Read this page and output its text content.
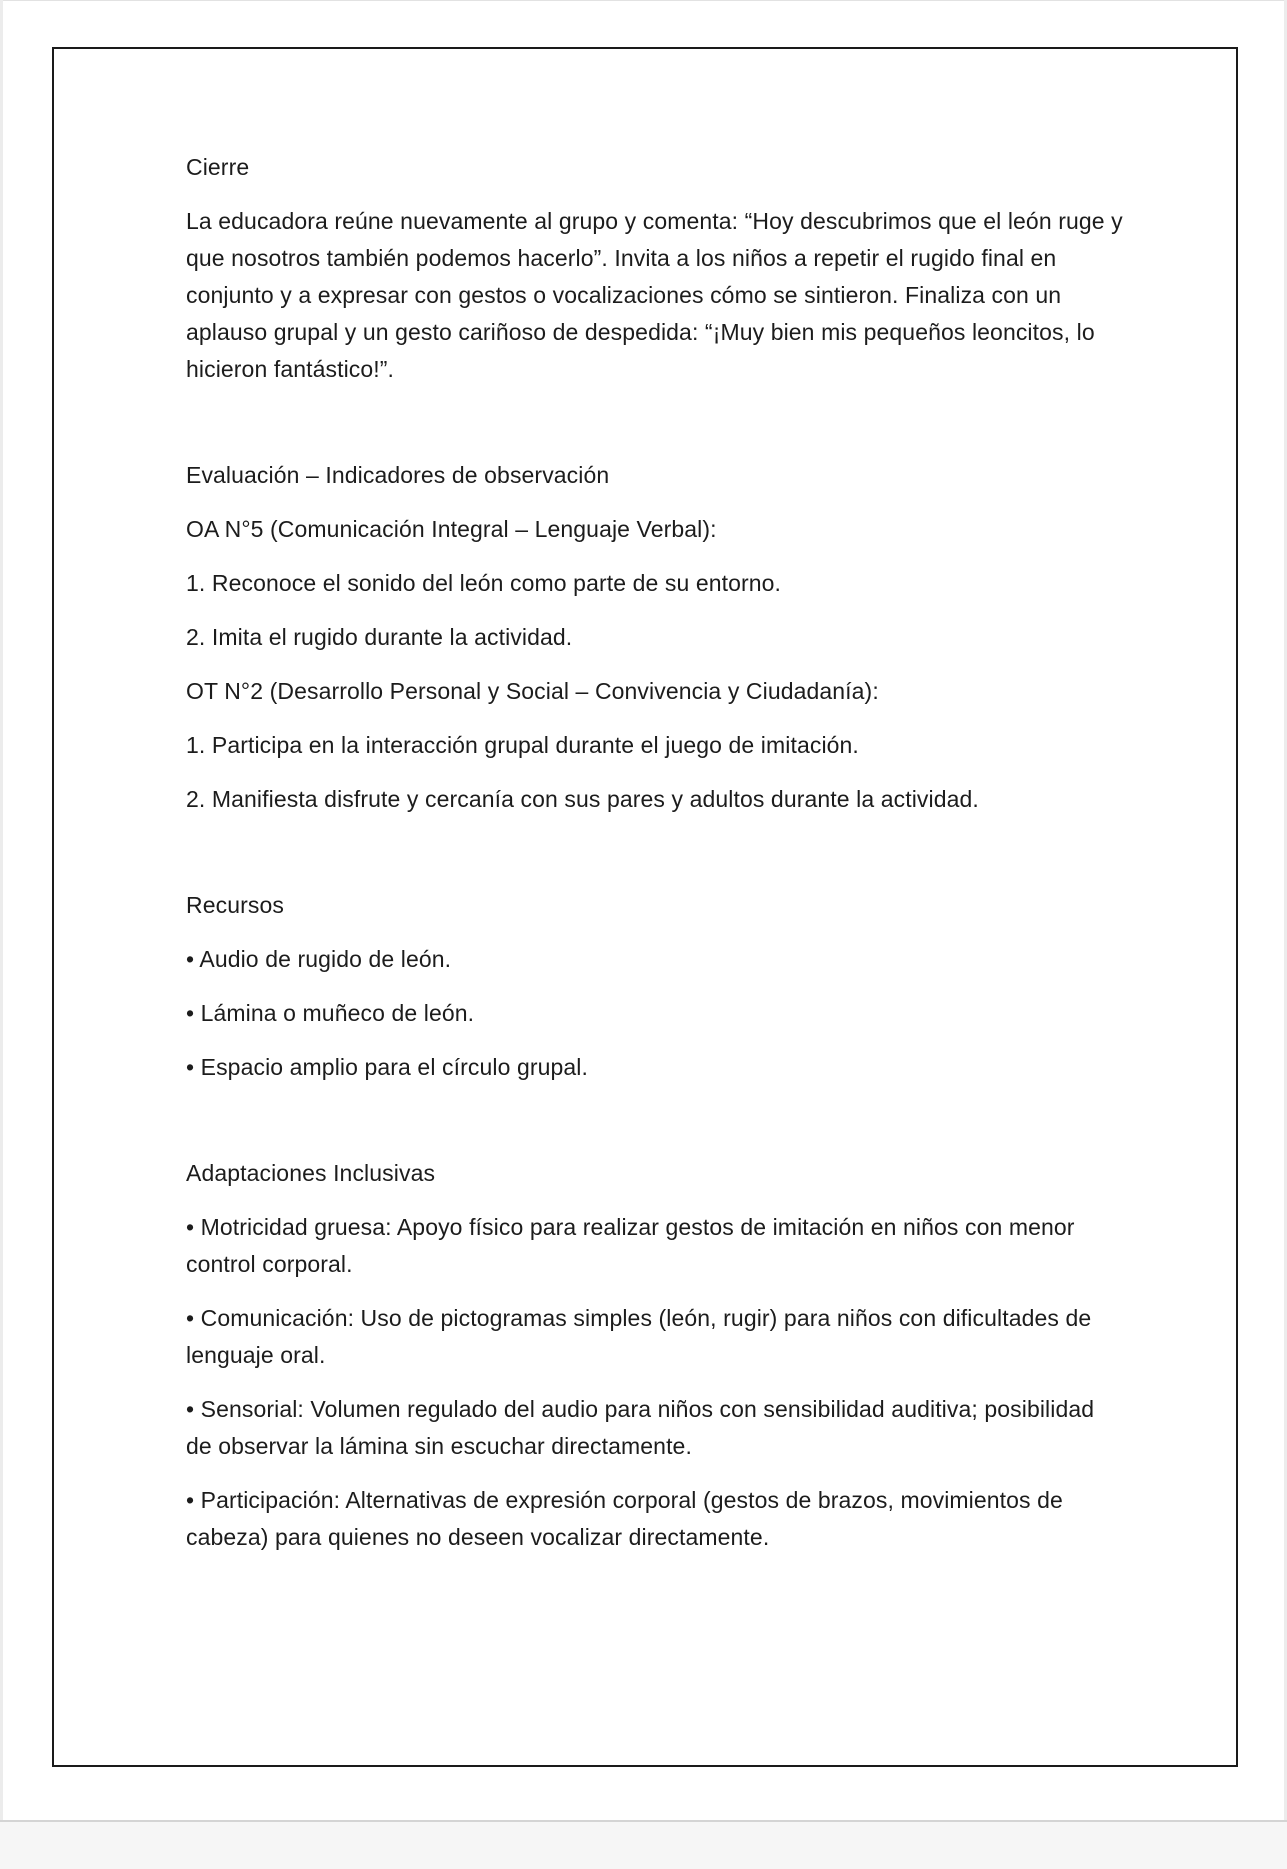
Cierre
La educadora reúne nuevamente al grupo y comenta: “Hoy descubrimos que el león ruge y que nosotros también podemos hacerlo”. Invita a los niños a repetir el rugido final en conjunto y a expresar con gestos o vocalizaciones cómo se sintieron. Finaliza con un aplauso grupal y un gesto cariñoso de despedida: “¡Muy bien mis pequeños leoncitos, lo hicieron fantástico!”.
Evaluación – Indicadores de observación
OA N°5 (Comunicación Integral – Lenguaje Verbal):
1. Reconoce el sonido del león como parte de su entorno.
2. Imita el rugido durante la actividad.
OT N°2 (Desarrollo Personal y Social – Convivencia y Ciudadanía):
1. Participa en la interacción grupal durante el juego de imitación.
2. Manifiesta disfrute y cercanía con sus pares y adultos durante la actividad.
Recursos
• Audio de rugido de león.
• Lámina o muñeco de león.
• Espacio amplio para el círculo grupal.
Adaptaciones Inclusivas
• Motricidad gruesa: Apoyo físico para realizar gestos de imitación en niños con menor control corporal.
• Comunicación: Uso de pictogramas simples (león, rugir) para niños con dificultades de lenguaje oral.
• Sensorial: Volumen regulado del audio para niños con sensibilidad auditiva; posibilidad de observar la lámina sin escuchar directamente.
• Participación: Alternativas de expresión corporal (gestos de brazos, movimientos de cabeza) para quienes no deseen vocalizar directamente.
